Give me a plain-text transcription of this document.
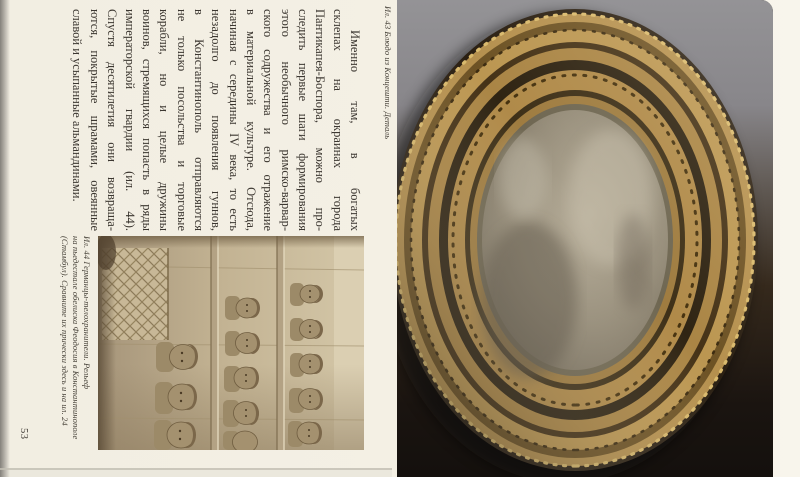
Ил. 43 Блюдо из Концешти. Деталь
Именно там, в богатых
склепах на окраинах города
Пантикапея-Боспора, можно про-
следить первые шаги формирования
этого необычного римско-варвар-
ского содружества и его отражение
в материальной культуре. Отсюда,
начиная с середины IV века, то есть
незадолго до появления гуннов,
в Константинополь отправляются
не только посольства и торговые
корабли, но и целые дружины
воинов, стремящихся попасть в ряды
императорской гвардии (ил. 44).
Спустя десятилетия они возвраща-
ются, покрытые шрамами, овеянные
славой и усыпанные альмандинами.
Ил. 44 Германцы-телохранители. Рельеф
на пьедестале обелиска Феодосия в Константинополе
(Стамбул). Сравните их прически здесь и на ил. 24
53
